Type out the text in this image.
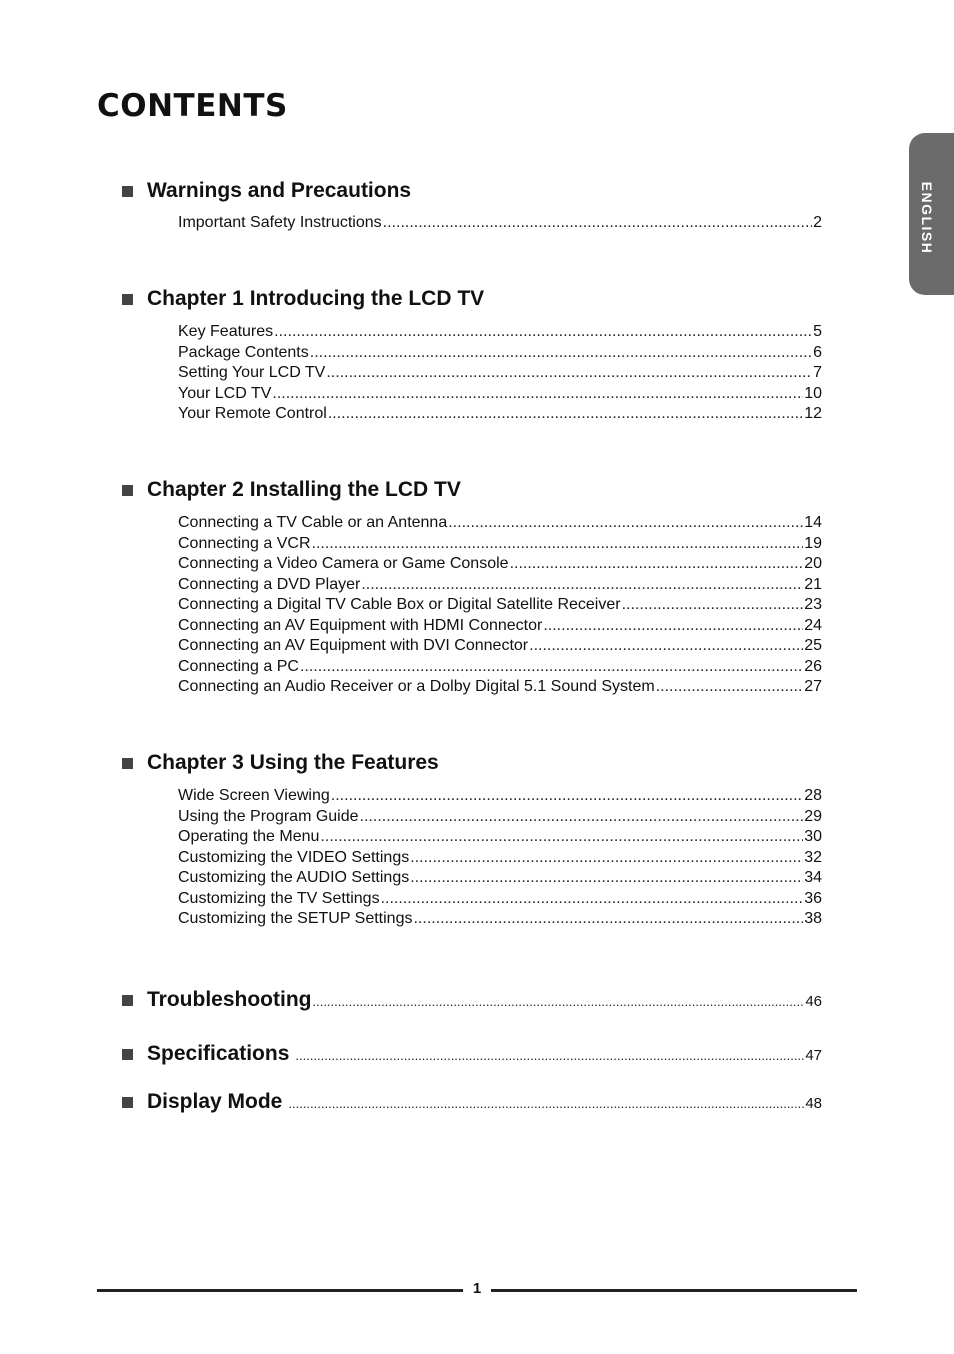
CONTENTS
ENGLISH
Warnings and Precautions
Important Safety Instructions .....	2
Chapter 1 Introducing the LCD TV
Key Features .....	5
Package Contents .....	6
Setting Your LCD TV .....	7
Your LCD TV .....	10
Your Remote Control .....	12
Chapter 2 Installing the LCD TV
Connecting a TV Cable or an Antenna .....	14
Connecting a VCR .....	19
Connecting a Video Camera or Game Console .....	20
Connecting a DVD Player .....	21
Connecting a Digital TV Cable Box or Digital Satellite Receiver .....	23
Connecting an AV Equipment with HDMI Connector .....	24
Connecting an AV Equipment with DVI Connector .....	25
Connecting a PC .....	26
Connecting an Audio Receiver or a Dolby Digital 5.1 Sound System .....	27
Chapter 3 Using the Features
Wide Screen Viewing .....	28
Using the Program Guide .....	29
Operating the Menu .....	30
Customizing the VIDEO Settings .....	32
Customizing the AUDIO Settings .....	34
Customizing the TV Settings .....	36
Customizing the SETUP Settings .....	38
Troubleshooting .....	46
Specifications .....	47
Display Mode .....	48
1
